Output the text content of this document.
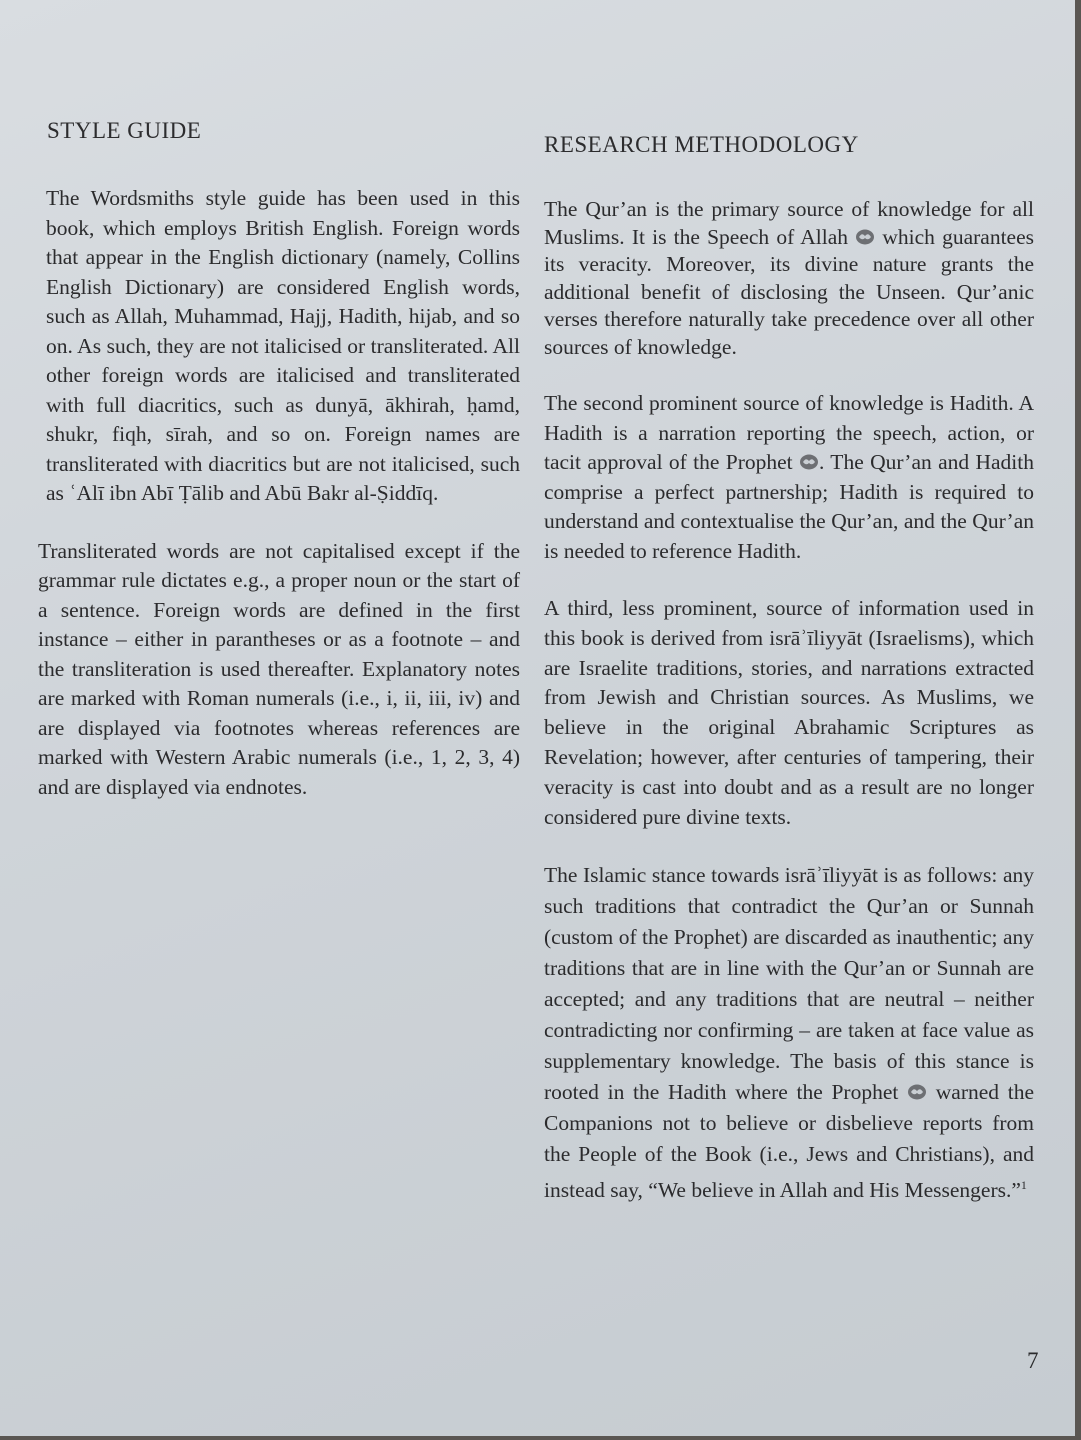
STYLE GUIDE

The Wordsmiths style guide has been used in this book, which employs British English. Foreign words that appear in the English dictionary (namely, Collins English Dictionary) are considered English words, such as Allah, Muhammad, Hajj, Hadith, hijab, and so on. As such, they are not italicised or transliterated. All other foreign words are italicised and transliterated with full diacritics, such as dunyā, ākhirah, ḥamd, shukr, fiqh, sīrah, and so on. Foreign names are transliterated with diacritics but are not italicised, such as ʿAlī ibn Abī Ṭālib and Abū Bakr al-Ṣiddīq.

Transliterated words are not capitalised except if the grammar rule dictates e.g., a proper noun or the start of a sentence. Foreign words are defined in the first instance – either in parantheses or as a footnote – and the transliteration is used thereafter. Explanatory notes are marked with Roman numerals (i.e., i, ii, iii, iv) and are displayed via footnotes whereas references are marked with Western Arabic numerals (i.e., 1, 2, 3, 4) and are displayed via endnotes.

RESEARCH METHODOLOGY

The Qur’an is the primary source of knowledge for all Muslims. It is the Speech of Allah  which guarantees its veracity. Moreover, its divine nature grants the additional benefit of disclosing the Unseen. Qur’anic verses therefore naturally take precedence over all other sources of knowledge.

The second prominent source of knowledge is Hadith. A Hadith is a narration reporting the speech, action, or tacit approval of the Prophet . The Qur’an and Hadith comprise a perfect partnership; Hadith is required to understand and contextualise the Qur’an, and the Qur’an is needed to reference Hadith.

A third, less prominent, source of information used in this book is derived from isrāʾīliyyāt (Israelisms), which are Israelite traditions, stories, and narrations extracted from Jewish and Christian sources. As Muslims, we believe in the original Abrahamic Scriptures as Revelation; however, after centuries of tampering, their veracity is cast into doubt and as a result are no longer considered pure divine texts.

The Islamic stance towards isrāʾīliyyāt is as follows: any such traditions that contradict the Qur’an or Sunnah (custom of the Prophet) are discarded as inauthentic; any traditions that are in line with the Qur’an or Sunnah are accepted; and any traditions that are neutral – neither contradicting nor confirming – are taken at face value as supplementary knowledge. The basis of this stance is rooted in the Hadith where the Prophet  warned the Companions not to believe or disbelieve reports from the People of the Book (i.e., Jews and Christians), and instead say, “We believe in Allah and His Messengers.”$^1$

7
